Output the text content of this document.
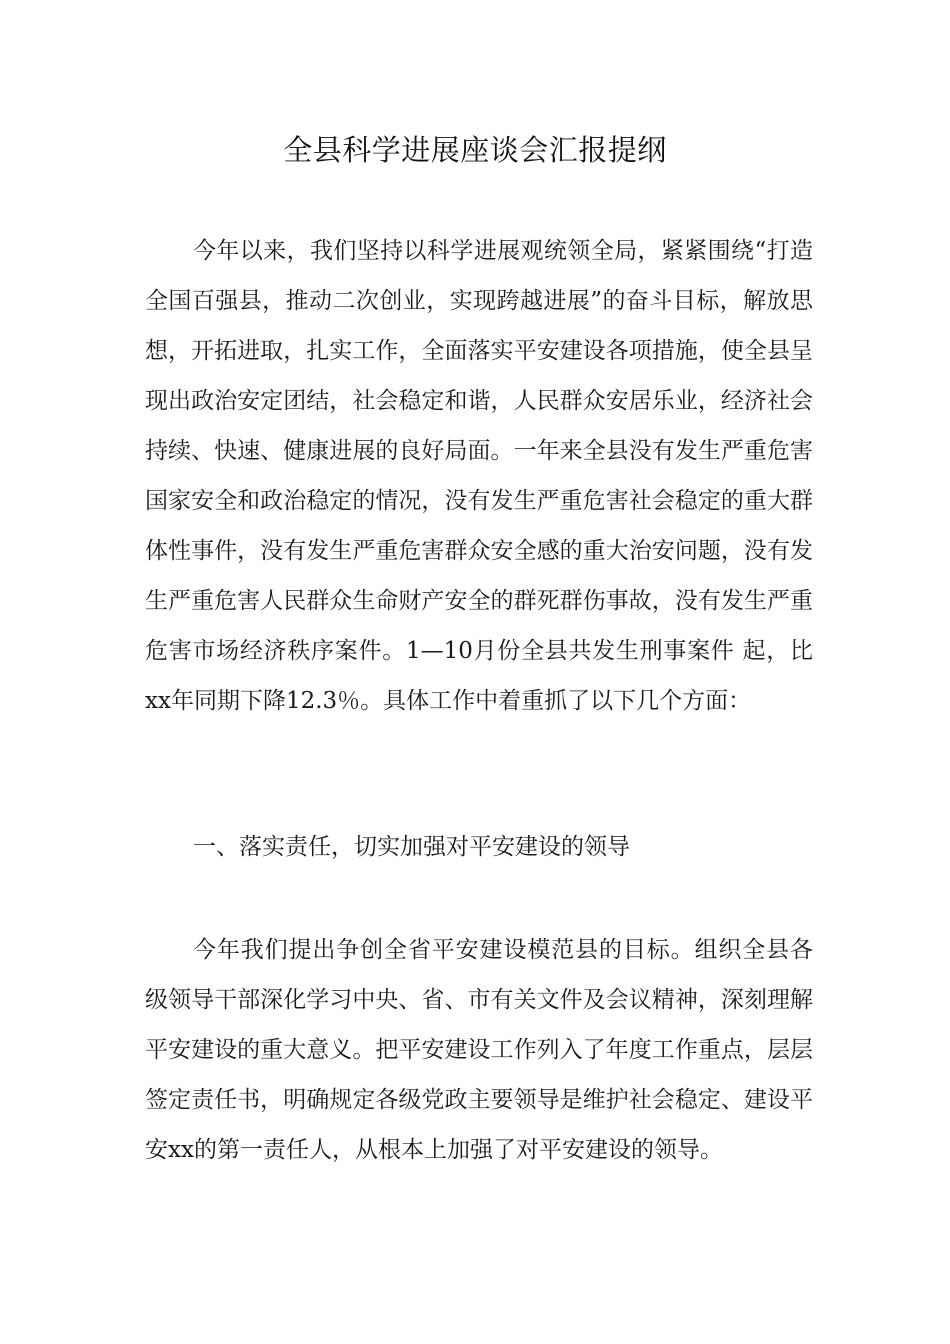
全县科学进展座谈会汇报提纲

今年以来，我们坚持以科学进展观统领全局，紧紧围绕“打造全国百强县，推动二次创业，实现跨越进展”的奋斗目标，解放思想，开拓进取，扎实工作，全面落实平安建设各项措施，使全县呈现出政治安定团结，社会稳定和谐，人民群众安居乐业，经济社会持续、快速、健康进展的良好局面。一年来全县没有发生严重危害国家安全和政治稳定的情况，没有发生严重危害社会稳定的重大群体性事件，没有发生严重危害群众安全感的重大治安问题，没有发生严重危害人民群众生命财产安全的群死群伤事故，没有发生严重危害市场经济秩序案件。1—10月份全县共发生刑事案件 起，比xx年同期下降12.3％。具体工作中着重抓了以下几个方面：

一、落实责任，切实加强对平安建设的领导

今年我们提出争创全省平安建设模范县的目标。组织全县各级领导干部深化学习中央、省、市有关文件及会议精神，深刻理解平安建设的重大意义。把平安建设工作列入了年度工作重点，层层签定责任书，明确规定各级党政主要领导是维护社会稳定、建设平安xx的第一责任人，从根本上加强了对平安建设的领导。
